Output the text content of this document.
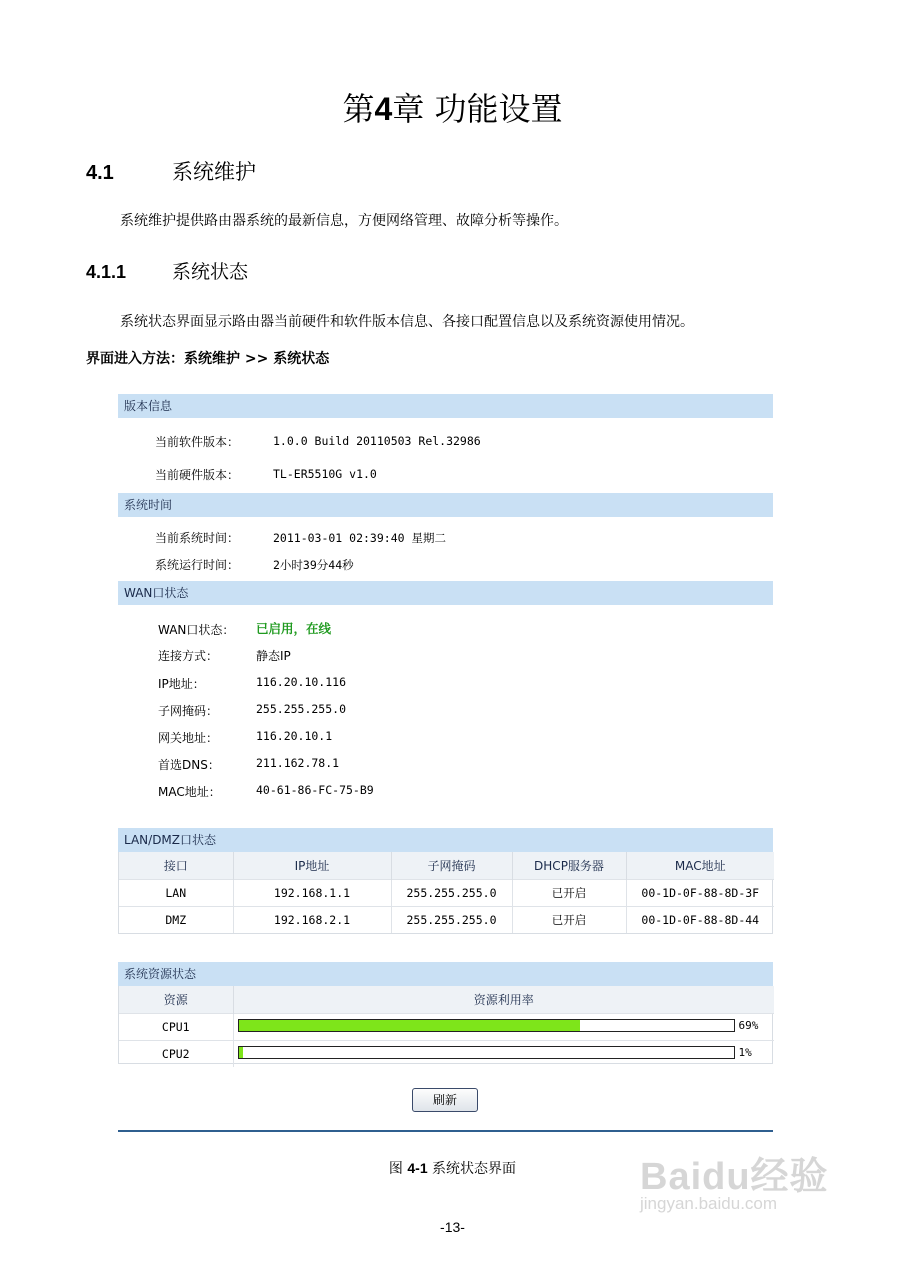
第4章 功能设置
4.1	系统维护
系统维护提供路由器系统的最新信息，方便网络管理、故障分析等操作。
4.1.1 系统状态
系统状态界面显示路由器当前硬件和软件版本信息、各接口配置信息以及系统资源使用情况。
界面进入方法：系统维护 >> 系统状态
版本信息
当前软件版本：	1.0.0 Build 20110503 Rel.32986
当前硬件版本：	TL-ER5510G v1.0
系统时间
当前系统时间：	2011-03-01 02:39:40 星期二
系统运行时间：	2小时39分44秒
WAN口状态
WAN口状态： 已启用，在线
连接方式：	静态IP
IP地址：	116.20.10.116
子网掩码：	255.255.255.0
网关地址：	116.20.10.1
首选DNS：	211.162.78.1
MAC地址：	40-61-86-FC-75-B9
LAN/DMZ口状态
接口	IP地址	子网掩码	DHCP服务器	MAC地址
LAN	192.168.1.1	255.255.255.0	已开启	00-1D-0F-88-8D-3F
DMZ	192.168.2.1	255.255.255.0	已开启	00-1D-0F-88-8D-44
系统资源状态
资源	资源利用率
CPU1	69%

CPU2	1%
刷新
图 4-1 系统状态界面	Baidu经验
jingyan.baidu.com
-13-
